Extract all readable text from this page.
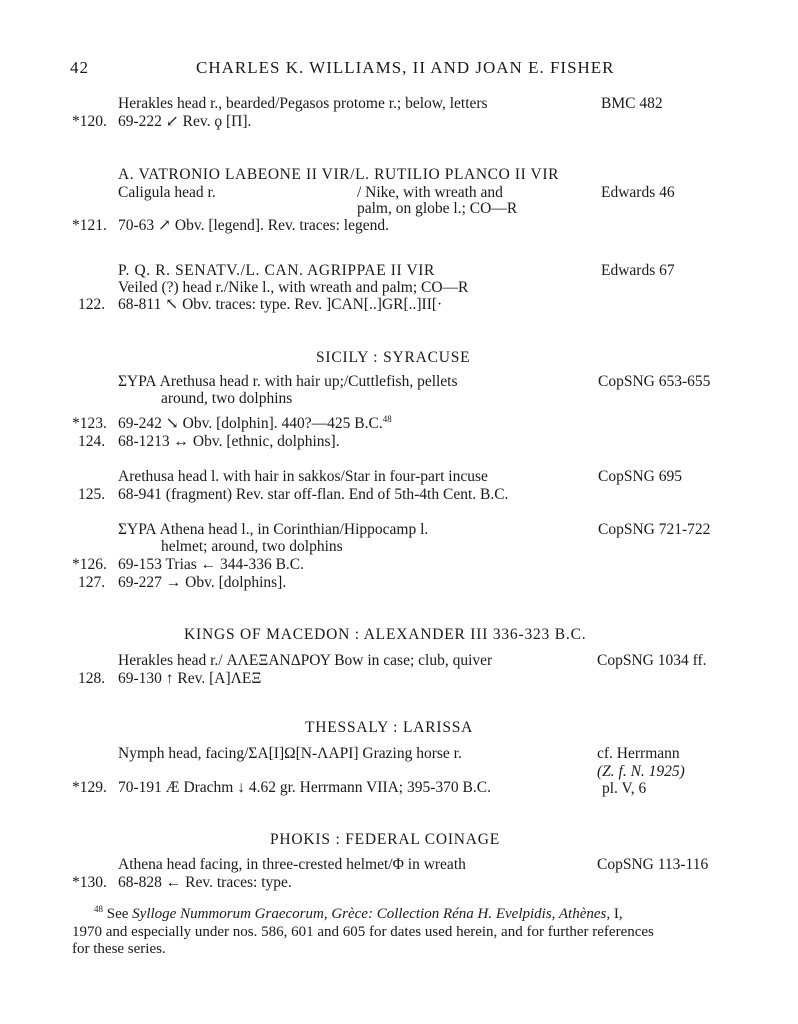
42	CHARLES K. WILLIAMS, II AND JOAN E. FISHER
Herakles head r., bearded/Pegasos protome r.; below, letters	BMC 482
*120. 69-222 ↙ Rev. ϙ [Π].
A. VATRONIO LABEONE II VIR/L. RUTILIO PLANCO II VIR
Caligula head r.	/ Nike, with wreath and	Edwards 46
palm, on globe l.; CO—R
*121. 70-63 ↗ Obv. [legend]. Rev. traces: legend.
P. Q. R. SENATV./L. CAN. AGRIPPAE II VIR	Edwards 67
Veiled (?) head r./Nike l., with wreath and palm; CO—R
122. 68-811 ↖ Obv. traces: type. Rev. ]CAN[..]GR[..]II[·
SICILY : SYRACUSE
ΣΥΡΑ Arethusa head r. with hair up;/Cuttlefish, pellets	CopSNG 653-655
around, two dolphins
*123. 69-242 ↘ Obv. [dolphin]. 440?—425 B.C.$^{48}$
124. 68-1213 ↔ Obv. [ethnic, dolphins].
Arethusa head l. with hair in sakkos/Star in four-part incuse	CopSNG 695
125. 68-941 (fragment) Rev. star off-flan. End of 5th-4th Cent. B.C.
ΣΥΡΑ Athena head l., in Corinthian/Hippocamp l.	CopSNG 721-722
helmet; around, two dolphins
*126. 69-153 Trias ← 344-336 B.C.
127. 69-227 → Obv. [dolphins].
KINGS OF MACEDON : ALEXANDER III 336-323 B.C.
Herakles head r./ ΑΛΕΞΑΝΔΡΟΥ Bow in case; club, quiver	CopSNG 1034 ff.
128. 69-130 ↑ Rev. [Α]ΛΕΞ
THESSALY : LARISSA
Nymph head, facing/ΣΑ[Ι]Ω[Ν-ΛΑΡΙ] Grazing horse r.	cf. Herrmann
(Z. f. N. 1925)
*129. 70-191 Æ Drachm ↓ 4.62 gr. Herrmann VIIA; 395-370 B.C.	pl. V, 6
PHOKIS : FEDERAL COINAGE
Athena head facing, in three-crested helmet/Φ in wreath	CopSNG 113-116
*130. 68-828 ← Rev. traces: type.
$^{48}$ See Sylloge Nummorum Graecorum, Grèce: Collection Réna H. Evelpidis, Athènes, I,
1970 and especially under nos. 586, 601 and 605 for dates used herein, and for further references
for these series.
